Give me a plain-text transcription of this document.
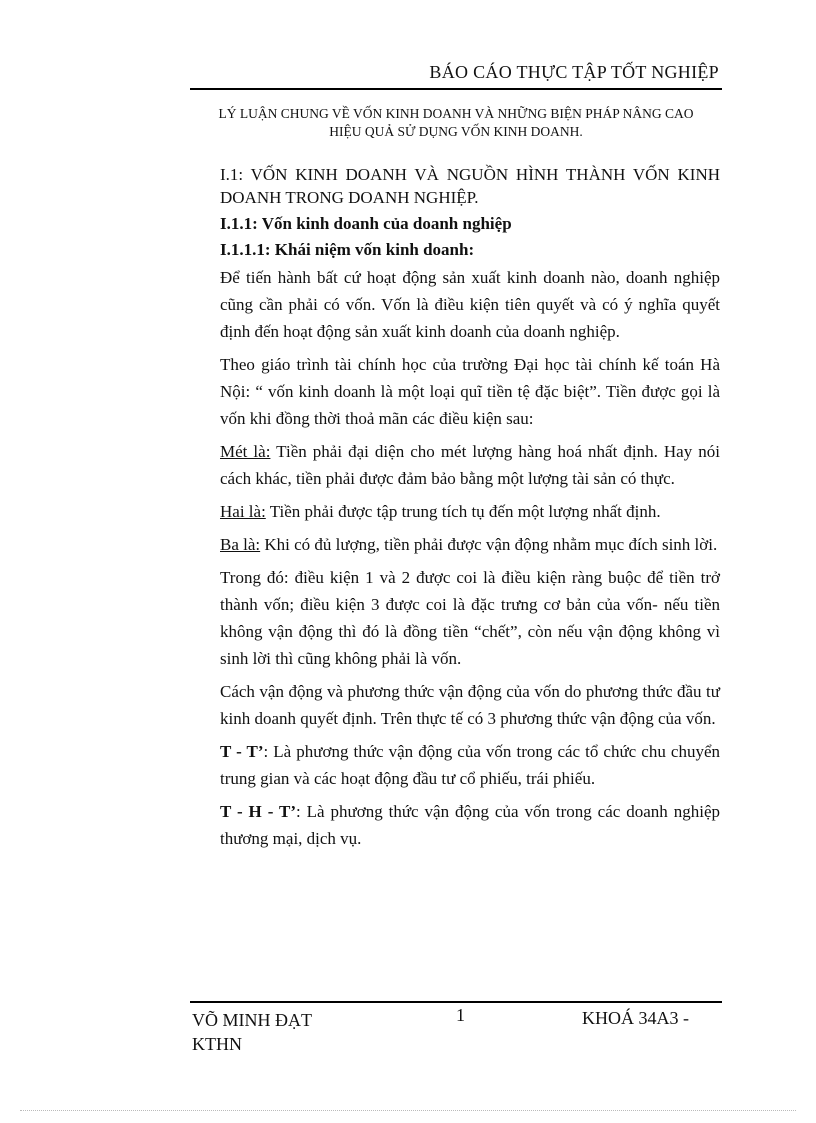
BÁO CÁO THỰC TẬP TỐT NGHIỆP
LÝ LUẬN CHUNG VỀ VỐN KINH DOANH VÀ NHỮNG BIỆN PHÁP NÂNG CAO
HIỆU QUẢ SỬ DỤNG VỐN KINH DOANH.
I.1: VỐN KINH DOANH VÀ NGUỒN HÌNH THÀNH VỐN KINH DOANH TRONG DOANH NGHIỆP.
I.1.1: Vốn kinh doanh của doanh nghiệp
I.1.1.1: Khái niệm vốn kinh doanh:

Để tiến hành bất cứ hoạt động sản xuất kinh doanh nào, doanh nghiệp cũng cần phải có vốn. Vốn là điều kiện tiên quyết và có ý nghĩa quyết định đến hoạt động sản xuất kinh doanh của doanh nghiệp.

Theo giáo trình tài chính học của trường Đại học tài chính kế toán Hà Nội: “ vốn kinh doanh là một loại quĩ tiền tệ đặc biệt”. Tiền được gọi là vốn khi đồng thời thoả mãn các điều kiện sau:

Mét là: Tiền phải đại diện cho mét lượng hàng hoá nhất định. Hay nói cách khác, tiền phải được đảm bảo bằng một lượng tài sản có thực.

Hai là: Tiền phải được tập trung tích tụ đến một lượng nhất định.

Ba là: Khi có đủ lượng, tiền phải được vận động nhằm mục đích sinh lời.

Trong đó: điều kiện 1 và 2 được coi là điều kiện ràng buộc để tiền trở thành vốn; điều kiện 3 được coi là đặc trưng cơ bản của vốn- nếu tiền không vận động thì đó là đồng tiền “chết”, còn nếu vận động không vì sinh lời thì cũng không phải là vốn.

Cách vận động và phương thức vận động của vốn do phương thức đầu tư kinh doanh quyết định. Trên thực tế có 3 phương thức vận động của vốn.

T - T’: Là phương thức vận động của vốn trong các tổ chức chu chuyển trung gian và các hoạt động đầu tư cổ phiếu, trái phiếu.

T - H - T’: Là phương thức vận động của vốn trong các doanh nghiệp thương mại, dịch vụ.

VÕ MINH ĐẠT
KTHN
1	KHOÁ 34A3 -
